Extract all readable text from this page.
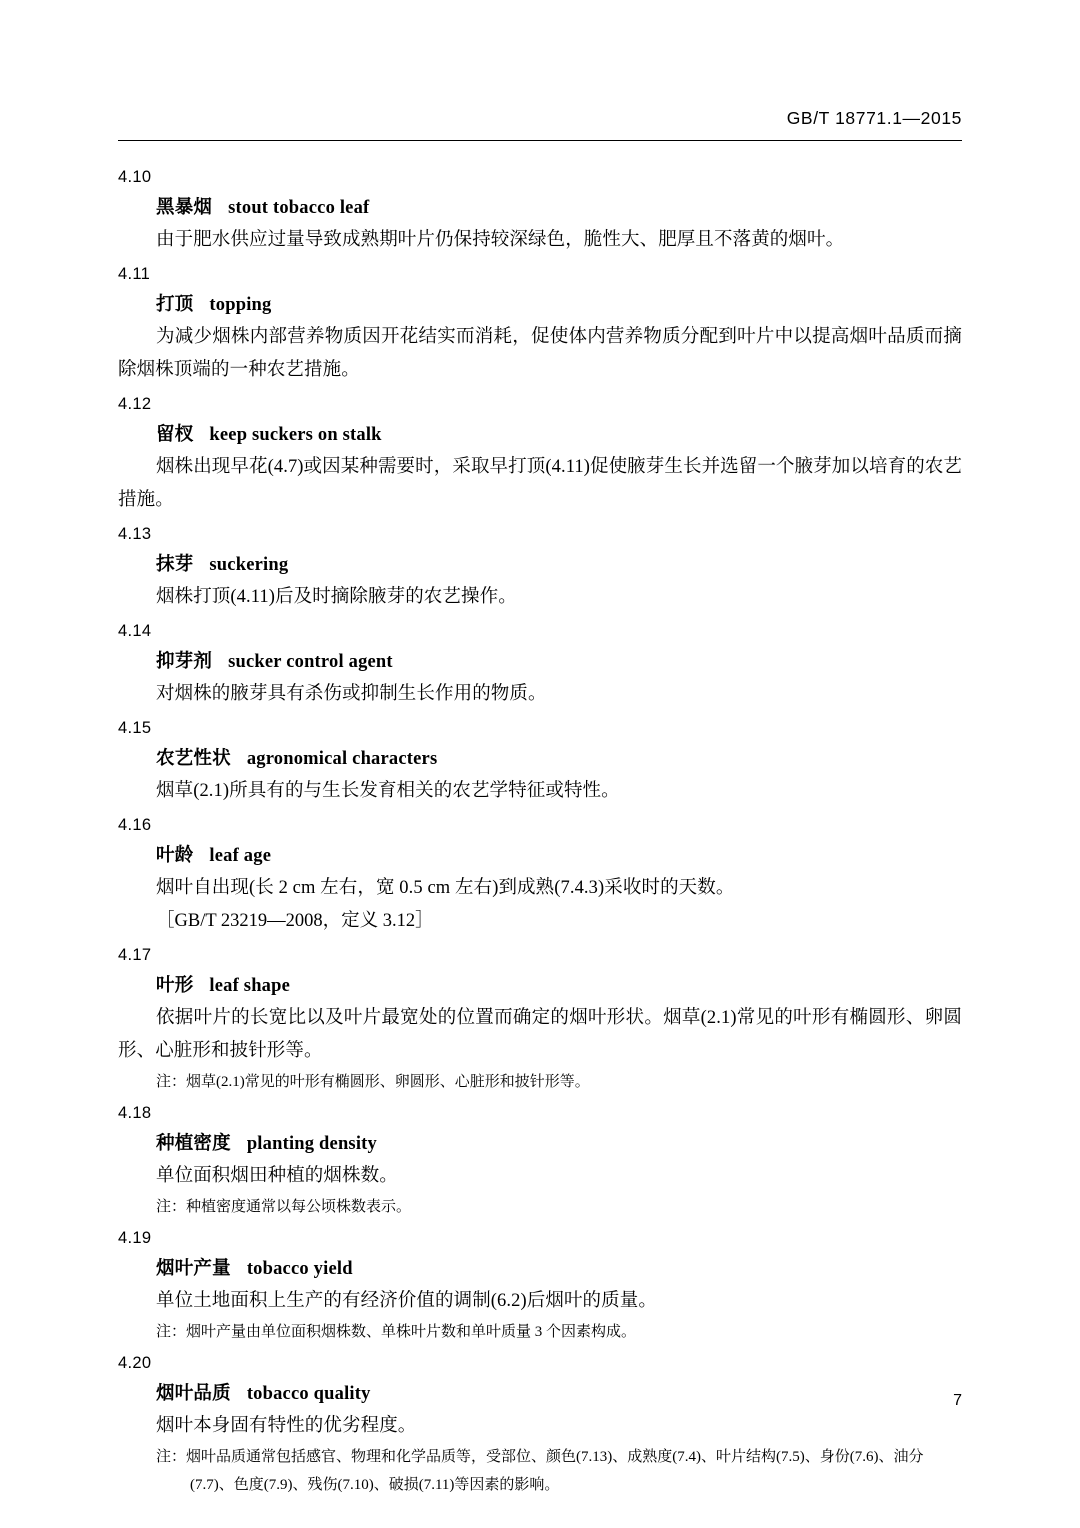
GB/T 18771.1—2015
4.10
黑暴烟 stout tobacco leaf
由于肥水供应过量导致成熟期叶片仍保持较深绿色，脆性大、肥厚且不落黄的烟叶。
4.11
打顶 topping
为减少烟株内部营养物质因开花结实而消耗，促使体内营养物质分配到叶片中以提高烟叶品质而摘除烟株顶端的一种农艺措施。
4.12
留杈 keep suckers on stalk
烟株出现早花(4.7)或因某种需要时，采取早打顶(4.11)促使腋芽生长并选留一个腋芽加以培育的农艺措施。
4.13
抹芽 suckering
烟株打顶(4.11)后及时摘除腋芽的农艺操作。
4.14
抑芽剂 sucker control agent
对烟株的腋芽具有杀伤或抑制生长作用的物质。
4.15
农艺性状 agronomical characters
烟草(2.1)所具有的与生长发育相关的农艺学特征或特性。
4.16
叶龄 leaf age
烟叶自出现(长 2 cm 左右，宽 0.5 cm 左右)到成熟(7.4.3)采收时的天数。
［GB/T 23219—2008，定义 3.12］
4.17
叶形 leaf shape
依据叶片的长宽比以及叶片最宽处的位置而确定的烟叶形状。烟草(2.1)常见的叶形有椭圆形、卵圆形、心脏形和披针形等。
注：烟草(2.1)常见的叶形有椭圆形、卵圆形、心脏形和披针形等。
4.18
种植密度 planting density
单位面积烟田种植的烟株数。
注：种植密度通常以每公顷株数表示。
4.19
烟叶产量 tobacco yield
单位土地面积上生产的有经济价值的调制(6.2)后烟叶的质量。
注：烟叶产量由单位面积烟株数、单株叶片数和单叶质量 3 个因素构成。
4.20
烟叶品质 tobacco quality
烟叶本身固有特性的优劣程度。
注：烟叶品质通常包括感官、物理和化学品质等，受部位、颜色(7.13)、成熟度(7.4)、叶片结构(7.5)、身份(7.6)、油分
(7.7)、色度(7.9)、残伤(7.10)、破损(7.11)等因素的影响。
7
